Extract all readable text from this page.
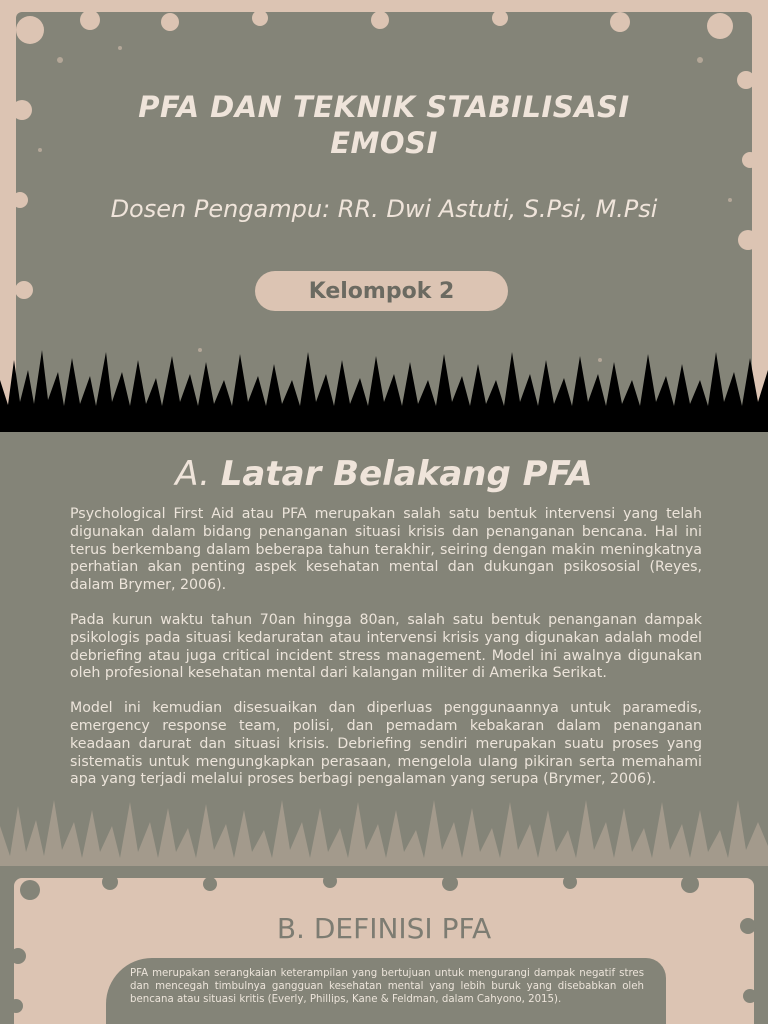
PFA DAN TEKNIK STABILISASI
EMOSI
Dosen Pengampu: RR. Dwi Astuti, S.Psi, M.Psi
Kelompok 2
A. Latar Belakang PFA

Psychological First Aid atau PFA merupakan salah satu bentuk intervensi yang telah digunakan dalam bidang penanganan situasi krisis dan penanganan bencana. Hal ini terus berkembang dalam beberapa tahun terakhir, seiring dengan makin meningkatnya perhatian akan penting aspek kesehatan mental dan dukungan psikososial (Reyes, dalam Brymer, 2006).

Pada kurun waktu tahun 70an hingga 80an, salah satu bentuk penanganan dampak psikologis pada situasi kedaruratan atau intervensi krisis yang digunakan adalah model debriefing atau juga critical incident stress management. Model ini awalnya digunakan oleh profesional kesehatan mental dari kalangan militer di Amerika Serikat.

Model ini kemudian disesuaikan dan diperluas penggunaannya untuk paramedis, emergency response team, polisi, dan pemadam kebakaran dalam penanganan keadaan darurat dan situasi krisis. Debriefing sendiri merupakan suatu proses yang sistematis untuk mengungkapkan perasaan, mengelola ulang pikiran serta memahami apa yang terjadi melalui proses berbagi pengalaman yang serupa (Brymer, 2006).

B. DEFINISI PFA

PFA merupakan serangkaian keterampilan yang bertujuan untuk mengurangi dampak negatif stres dan mencegah timbulnya gangguan kesehatan mental yang lebih buruk yang disebabkan oleh bencana atau situasi kritis (Everly, Phillips, Kane & Feldman, dalam Cahyono, 2015).
